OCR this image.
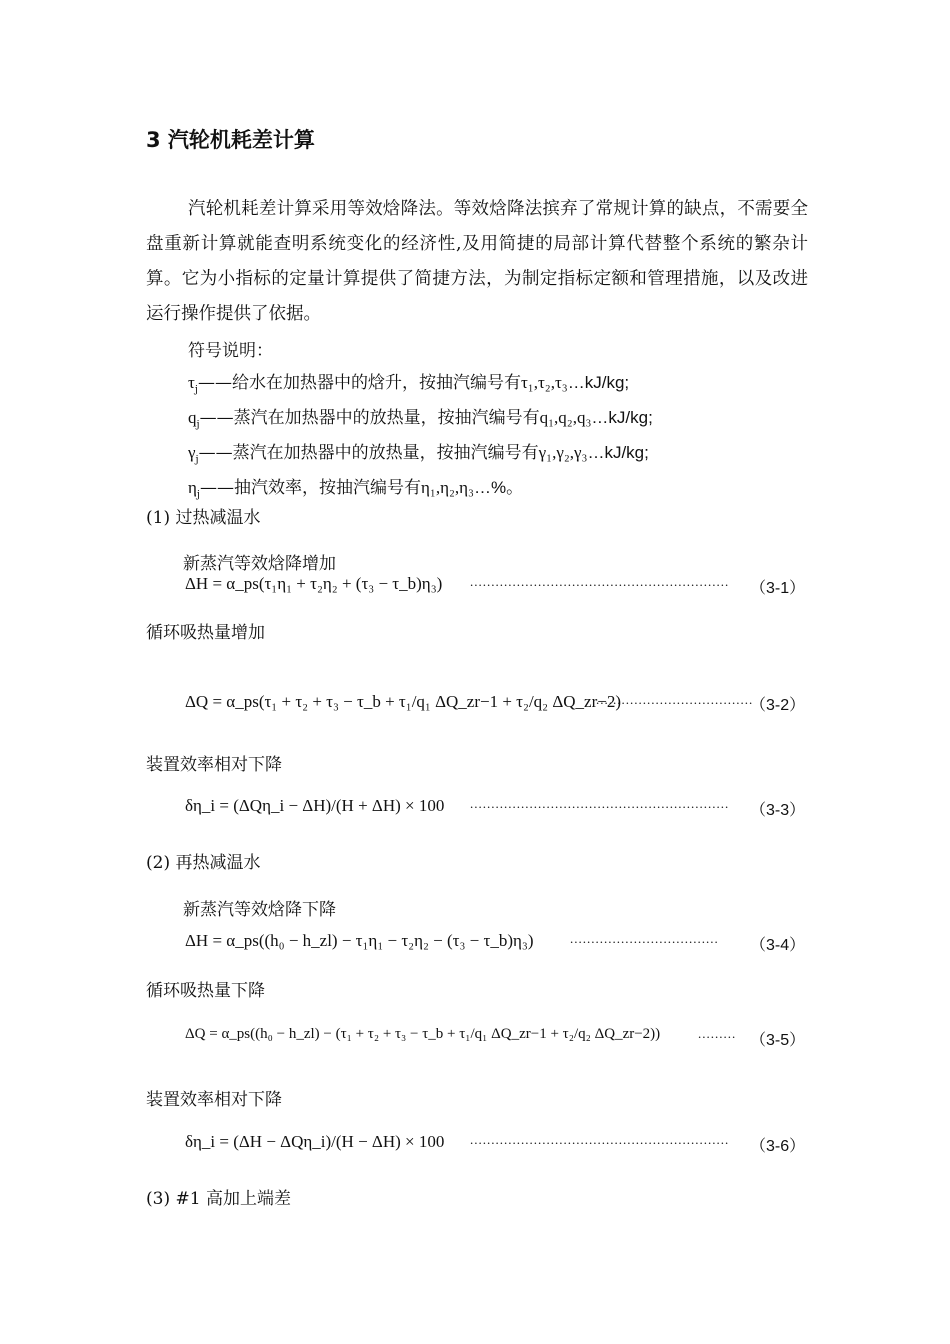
3 汽轮机耗差计算
汽轮机耗差计算采用等效焓降法。等效焓降法摈弃了常规计算的缺点，不需要全盘重新计算就能查明系统变化的经济性,及用简捷的局部计算代替整个系统的繁杂计算。它为小指标的定量计算提供了简捷方法，为制定指标定额和管理措施，以及改进运行操作提供了依据。
符号说明：
$\tau_j——$给水在加热器中的焓升，按抽汽编号有τ₁,τ₂,τ₃…kJ/kg;
$q_j——$蒸汽在加热器中的放热量，按抽汽编号有q₁,q₂,q₃…kJ/kg;
$\gamma_j——$蒸汽在加热器中的放热量，按抽汽编号有γ₁,γ₂,γ₃…kJ/kg;
$\eta_j——$抽汽效率，按抽汽编号有η₁,η₂,η₃…%。
(1) 过热减温水
新蒸汽等效焓降增加
ΔH = α_ps(τ₁η₁ + τ₂η₂ + (τ₃ − τ_b)η₃) ............................................................. （3-1）
循环吸热量增加
ΔQ = α_ps(τ₁ + τ₂ + τ₃ − τ_b + τ₁/q₁ ΔQ_zr−1 + τ₂/q₂ ΔQ_zr−2)
.....................................
（3-2）
装置效率相对下降
δη_i = (ΔQη_i − ΔH)/(H + ΔH) × 100 ............................................................. （3-3）
(2) 再热减温水
新蒸汽等效焓降下降
ΔH = α_ps((h₀ − h_zl) − τ₁η₁ − τ₂η₂ − (τ₃ − τ_b)η₃)	................................... （3-4）
循环吸热量下降
ΔQ = α_ps((h₀ − h_zl) − (τ₁ + τ₂ + τ₃ − τ_b + τ₁/q₁ ΔQ_zr−1 + τ₂/q₂ ΔQ_zr−2))	......... （3-5）
装置效率相对下降
δη_i = (ΔH − ΔQη_i)/(H − ΔH) × 100 ............................................................. （3-6）
(3) #1 高加上端差
